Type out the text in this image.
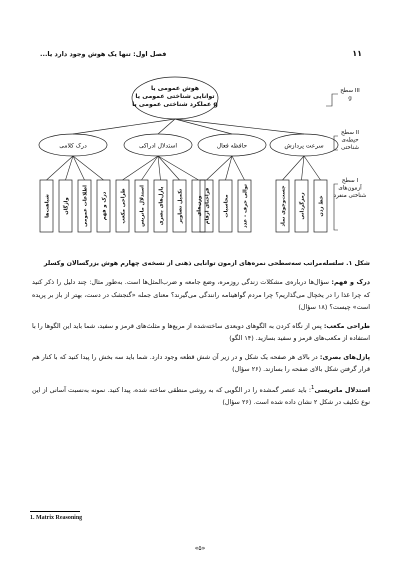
۱۱
فصل اول: تنها یک هوش وجود دارد یا...
هوش عمومی یا
توانایی شناختی عمومی یا
عملکرد شناختی عمومی یا g
درک کلامی	استدلال ادراکی	حافظه فعال	سرعت پردازش
شباهت‌ها	واژگان	اطلاعات عمومی	درک و فهم	طراحی مکعب	استدلال ماتریس	پازل‌های بصری	تکمیل تصاویر	وزن‌های فراخنای ارقام	محاسبات	توالی حرف - عدد	جست‌وجوی نماد	رمزگردانی	خط زدن
سطح III
g
سطح II
حیطه‌ی
شناختی
سطح I
آزمون‌های
شناختی منفرد
شکل ۱. سلسله‌مراتب سه‌سطحی نمره‌های آزمون توانایی ذهنی از نسخه‌ی چهارم هوش بزرگسالان وکسلر

درک و فهم: سؤال‌ها درباره‌ی مشکلات زندگی روزمره، وضع جامعه و ضرب‌المثل‌ها است. به‌طور مثال: چند دلیل را ذکر کنید که چرا غذا را در یخچال می‌گذاریم؟ چرا مردم گواهینامه رانندگی می‌گیرند؟ معنای جمله «گنجشک در دست، بهتر از باز بر پریده است» چیست؟ (۱۸ سؤال)

طراحی مکعب: پس از نگاه کردن به الگوهای دوبعدی ساخته‌شده از مربع‌ها و مثلث‌های قرمز و سفید، شما باید این الگوها را با استفاده از مکعب‌های قرمز و سفید بسازید. (۱۴ الگو)

پازل‌های بصری: در بالای هر صفحه یک شکل و در زیر آن شش قطعه وجود دارد. شما باید سه بخش را پیدا کنید که با کنار هم قرار گرفتن شکل بالای صفحه را بسازند. (۲۶ سؤال)

استدلال ماتریسی$^1$: باید عنصر گمشده را در الگویی که به روشی منطقی ساخته شده، پیدا کنید. نمونه به‌نسبت آسانی از این نوع تکلیف در شکل ۲ نشان داده شده است. (۲۶ سؤال)

1. Matrix Reasoning
«۵»
